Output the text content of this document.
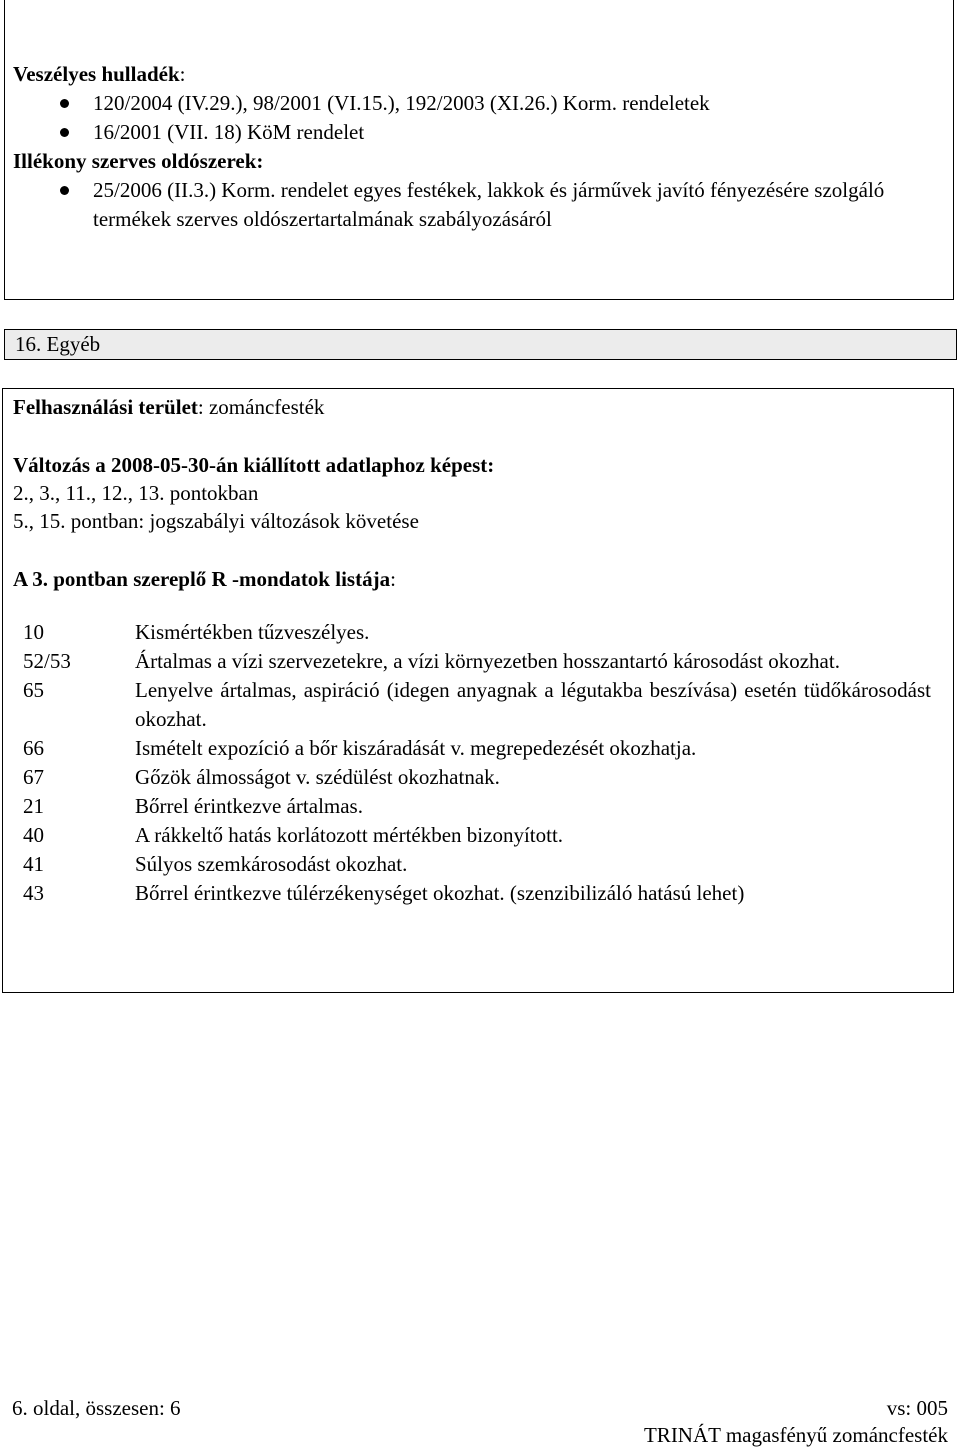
Veszélyes hulladék:
120/2004 (IV.29.), 98/2001 (VI.15.), 192/2003 (XI.26.) Korm. rendeletek
16/2001 (VII. 18) KöM rendelet
Illékony szerves oldószerek:
25/2006 (II.3.) Korm. rendelet egyes festékek, lakkok és járművek javító fényezésére szolgáló termékek szerves oldószertartalmának szabályozásáról
16. Egyéb
Felhasználási terület: zománcfesték
Változás a 2008-05-30-án kiállított adatlaphoz képest:
2., 3., 11., 12., 13. pontokban
5., 15. pontban: jogszabályi változások követése
A 3. pontban szereplő R -mondatok listája:
10	Kismértékben tűzveszélyes.
52/53	Ártalmas a vízi szervezetekre, a vízi környezetben hosszantartó károsodást okozhat.
65	Lenyelve ártalmas, aspiráció (idegen anyagnak a légutakba beszívása) esetén tüdőkárosodást okozhat.
66	Ismételt expozíció a bőr kiszáradását v. megrepedezését okozhatja.
67	Gőzök álmosságot v. szédülést okozhatnak.
21	Bőrrel érintkezve ártalmas.
40	A rákkeltő hatás korlátozott mértékben bizonyított.
41	Súlyos szemkárosodást okozhat.
43	Bőrrel érintkezve túlérzékenységet okozhat. (szenzibilizáló hatású lehet)
6. oldal, összesen: 6	vs: 005
TRINÁT magasfényű zománcfesték
